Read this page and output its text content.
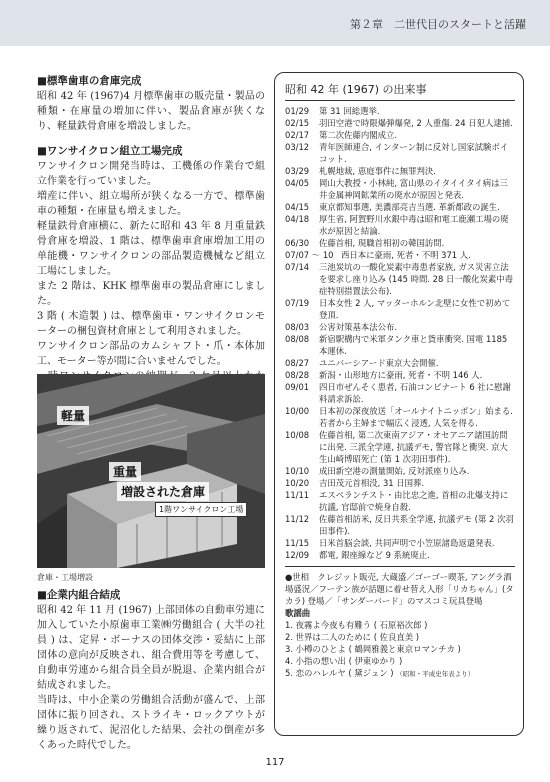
第２章　二世代目のスタートと活躍

■標準歯車の倉庫完成

昭和 42 年 (1967)4 月標準歯車の販売量・製品の種類・在庫量の増加に伴い、製品倉庫が狭くなり、軽量鉄骨倉庫を増設しました。

■ワンサイクロン組立工場完成

ワンサイクロン開発当時は、工機係の作業台で組立作業を行っていました。

増産に伴い、組立場所が狭くなる一方で、標準歯車の種類・在庫量も増えました。

軽量鉄骨倉庫横に、新たに昭和 43 年 8 月重量鉄骨倉庫を増設、1 階は、標準歯車倉庫増加工用の单能機・ワンサイクロンの部品製造機械など組立工場にしました。

また 2 階は、KHK 標準歯車の製品倉庫にしました。

3 階 ( 木造製 ) は、標準歯車・ワンサイクロンモーターの梱包資材倉庫として利用されました。

ワンサイクロン部品のカムシャフト・爪・本体加工、モーター等が間に合いませんでした。

軽量
重量
増設された倉庫
1階ワンサイクロン工場
倉庫・工場増設

■企業内組合結成

昭和 42 年 11 月 (1967) 上部団体の自動車労連に加入していた小原歯車工業㈱労働組合 ( 大半の社員 ) は、定昇・ボーナスの団体交渉・妥結に上部団体の意向が反映され、組合費用等を考慮して、自動車労連から組合員全員が脱退、企業内組合が結成されました。

当時は、中小企業の労働組合活動が盛んで、上部団体に振り回され、ストライキ・ロックアウトが繰り返されて、泥沼化した結果、会社の倒産が多くあった時代でした。

昭和 42 年 (1967) の出来事

01/29	第 31 回総選挙.
02/15	羽田空港で時限爆弾爆発, 2 人重傷. 24 日犯人逮捕.
02/17	第二次佐藤内閣成立.
03/12	青年医師連合, インターン制に反対し国家試験ボイコット.
03/29	札幌地裁, 恵庭事件に無罪判決.
04/05	岡山大教授・小林純, 富山県のイタイイタイ病は三井金属神岡鉱業所の廃水が原因と発表.
04/15	東京都知事選, 美濃部亮吉当選. 革新都政の誕生.
04/18	厚生省, 阿賀野川水銀中毒は昭和電工鹿瀬工場の廃水が原因と結論.
06/30	佐藤首相, 現職首相初の韓国訪問.
07/07 ～ 10 西日本に豪雨, 死者・不明 371 人.
07/14	三池炭坑の一酸化炭素中毒患者家族, ガス災害立法を要求し座り込み (145 時間. 28 日一酸化炭素中毒症特別措置法公布).
07/19	日本女性 2 人, マッターホルン北壁に女性で初めて登頂.
08/03	公害対策基本法公布.
08/08	新宿駅構内で米軍タンク車と貨車衝突. 国電 1185 本運休.
08/27	ユニバーシアード東京大会開催.
08/28	新潟・山形地方に豪雨, 死者・不明 146 人.
09/01	四日市ぜんそく患者, 石油コンビナート 6 社に慰謝料請求訴訟.
10/00	日本初の深夜放送「オールナイトニッポン」始まる. 若者から主婦まで幅広く浸透, 人気を得る.
10/08	佐藤首相, 第二次東南アジア・オセアニア諸国訪問に出発. 三派全学連, 抗議デモ, 警官隊と衝突. 京大生山崎博昭死亡 (第 1 次羽田事件).
10/10	成田新空港の測量開始, 反対派座り込み.
10/20	吉田茂元首相没, 31 日国葬.
11/11	エスペランチスト・由比忠之進, 首相の北爆支持に抗議, 官邸前で焼身自殺.
11/12	佐藤首相訪米, 反日共系全学連, 抗議デモ (第 2 次羽田事件).
11/15	日米首脳会談, 共同声明で小笠原諸島返還発表.
12/09	都電, 銀座線など 9 系統廃止.

●世相　クレジット販売, 大蔵盛／ゴーゴー喫茶, アングラ酒場盛況／フーテン族が話題に着せ替え人形「リカちゃん」(タカラ) 登場／「サンダーバード」のマスコミ玩具登場

歌謡曲
1. 夜霧よ今夜も有難う ( 石原裕次郎 )
2. 世界は二人のために ( 佐良直美 )
3. 小樽のひとよ ( 鶴岡雅義と東京ロマンチカ )
4. 小指の想い出 ( 伊東ゆかり )
5. 恋のハレルヤ ( 黛ジュン ) （昭和・平成史年表より）
117
